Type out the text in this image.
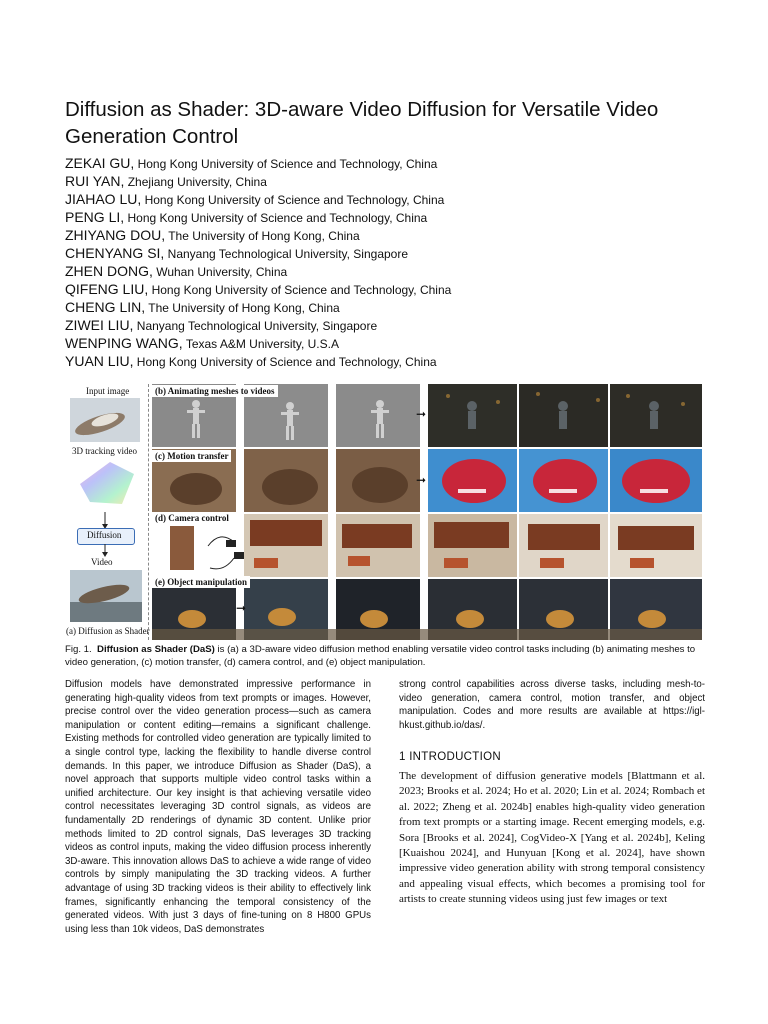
Diffusion as Shader: 3D-aware Video Diffusion for Versatile Video Generation Control
ZEKAI GU, Hong Kong University of Science and Technology, China
RUI YAN, Zhejiang University, China
JIAHAO LU, Hong Kong University of Science and Technology, China
PENG LI, Hong Kong University of Science and Technology, China
ZHIYANG DOU, The University of Hong Kong, China
CHENYANG SI, Nanyang Technological University, Singapore
ZHEN DONG, Wuhan University, China
QIFENG LIU, Hong Kong University of Science and Technology, China
CHENG LIN, The University of Hong Kong, China
ZIWEI LIU, Nanyang Technological University, Singapore
WENPING WANG, Texas A&M University, U.S.A
YUAN LIU, Hong Kong University of Science and Technology, China
Input image
3D tracking video
Diffusion
Video
(a) Diffusion as Shader
(b) Animating meshes to videos
➞
(c) Motion transfer
➞
(d) Camera control
(e) Object manipulation
➞
Fig. 1. Diffusion as Shader (DaS) is (a) a 3D-aware video diffusion method enabling versatile video control tasks including (b) animating meshes to video generation, (c) motion transfer, (d) camera control, and (e) object manipulation.
Diffusion models have demonstrated impressive performance in generating high-quality videos from text prompts or images. However, precise control over the video generation process—such as camera manipulation or content editing—remains a significant challenge. Existing methods for controlled video generation are typically limited to a single control type, lacking the flexibility to handle diverse control demands. In this paper, we introduce Diffusion as Shader (DaS), a novel approach that supports multiple video control tasks within a unified architecture. Our key insight is that achieving versatile video control necessitates leveraging 3D control signals, as videos are fundamentally 2D renderings of dynamic 3D content. Unlike prior methods limited to 2D control signals, DaS leverages 3D tracking videos as control inputs, making the video diffusion process inherently 3D-aware. This innovation allows DaS to achieve a wide range of video controls by simply manipulating the 3D tracking videos. A further advantage of using 3D tracking videos is their ability to effectively link frames, significantly enhancing the temporal consistency of the generated videos. With just 3 days of fine-tuning on 8 H800 GPUs using less than 10k videos, DaS demonstrates
strong control capabilities across diverse tasks, including mesh-to-video generation, camera control, motion transfer, and object manipulation. Codes and more results are available at https://igl-hkust.github.io/das/.
1 INTRODUCTION
The development of diffusion generative models [Blattmann et al. 2023; Brooks et al. 2024; Ho et al. 2020; Lin et al. 2024; Rombach et al. 2022; Zheng et al. 2024b] enables high-quality video generation from text prompts or a starting image. Recent emerging models, e.g. Sora [Brooks et al. 2024], CogVideo-X [Yang et al. 2024b], Keling [Kuaishou 2024], and Hunyuan [Kong et al. 2024], have shown impressive video generation ability with strong temporal consistency and appealing visual effects, which becomes a promising tool for artists to create stunning videos using just few images or text
